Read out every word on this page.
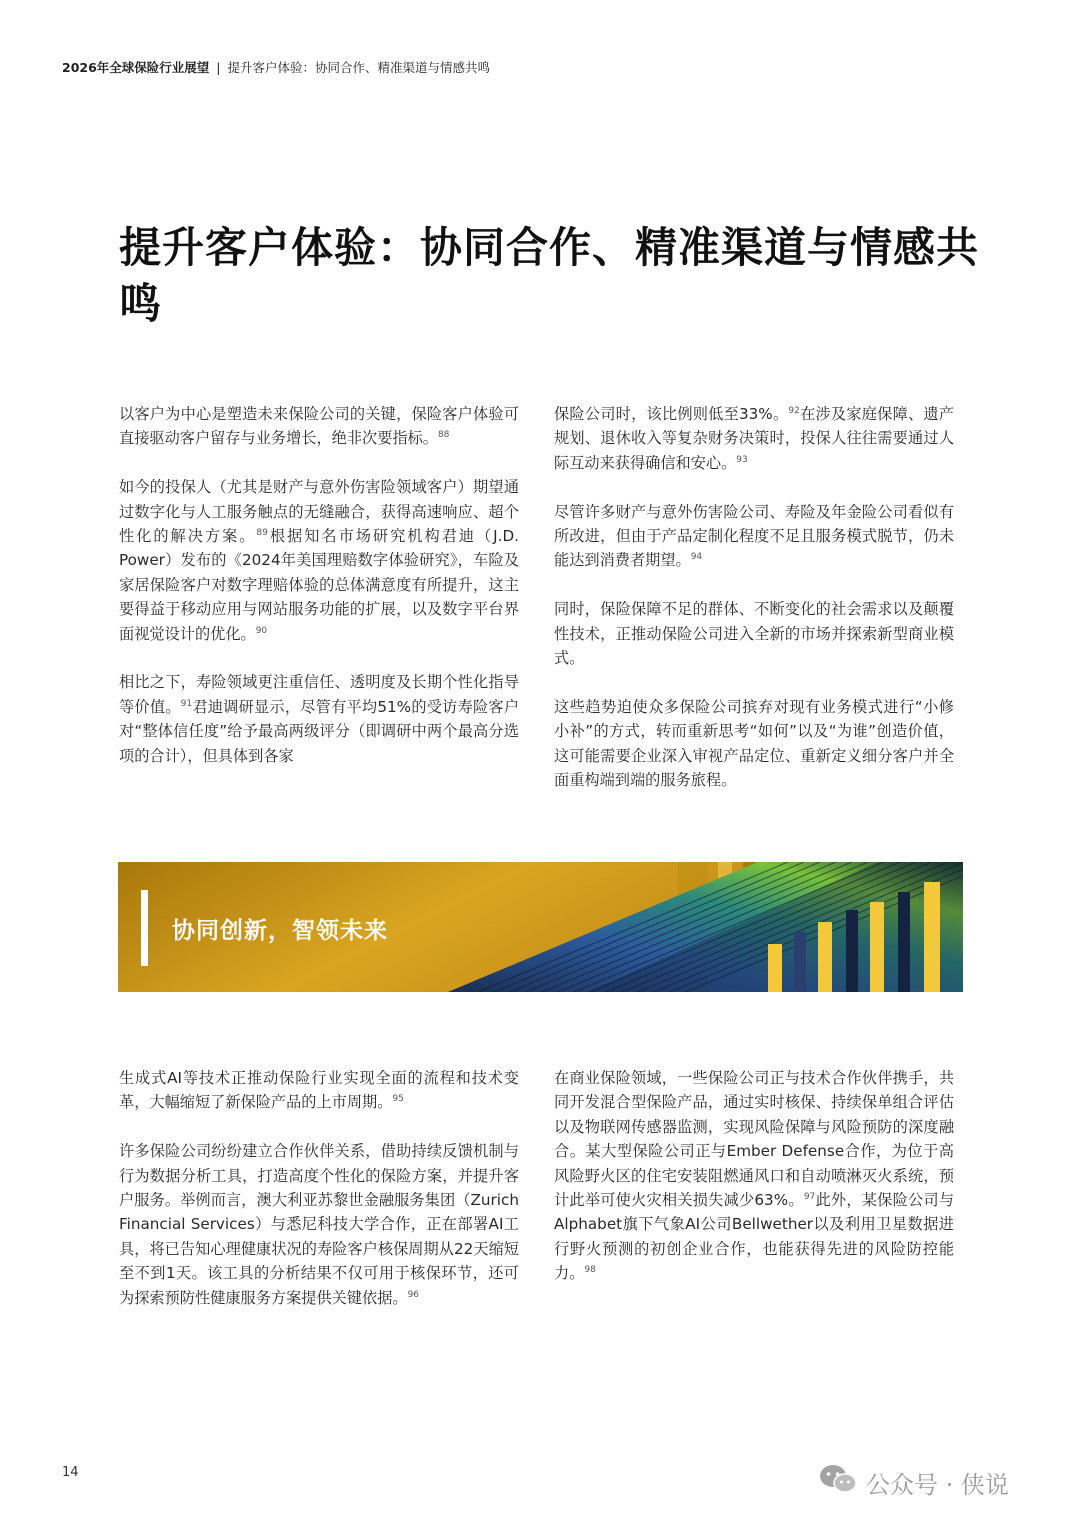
2026年全球保险行业展望 | 提升客户体验：协同合作、精准渠道与情感共鸣
提升客户体验：协同合作、精准渠道与情感共鸣

以客户为中心是塑造未来保险公司的关键，保险客户体验可直接驱动客户留存与业务增长，绝非次要指标。$^{88}$

如今的投保人（尤其是财产与意外伤害险领域客户）期望通过数字化与人工服务触点的无缝融合，获得高速响应、超个性化的解决方案。$^{89}$根据知名市场研究机构君迪（J.D. Power）发布的《2024年美国理赔数字体验研究》，车险及家居保险客户对数字理赔体验的总体满意度有所提升，这主要得益于移动应用与网站服务功能的扩展，以及数字平台界面视觉设计的优化。$^{90}$

相比之下，寿险领域更注重信任、透明度及长期个性化指导等价值。$^{91}$君迪调研显示，尽管有平均51%的受访寿险客户对“整体信任度”给予最高两级评分（即调研中两个最高分选项的合计），但具体到各家

保险公司时，该比例则低至33%。$^{92}$在涉及家庭保障、遗产规划、退休收入等复杂财务决策时，投保人往往需要通过人际互动来获得确信和安心。$^{93}$

尽管许多财产与意外伤害险公司、寿险及年金险公司看似有所改进，但由于产品定制化程度不足且服务模式脱节，仍未能达到消费者期望。$^{94}$

同时，保险保障不足的群体、不断变化的社会需求以及颠覆性技术，正推动保险公司进入全新的市场并探索新型商业模式。

这些趋势迫使众多保险公司摈弃对现有业务模式进行“小修小补”的方式，转而重新思考“如何”以及“为谁”创造价值，这可能需要企业深入审视产品定位、重新定义细分客户并全面重构端到端的服务旅程。

协同创新，智领未来

生成式AI等技术正推动保险行业实现全面的流程和技术变革，大幅缩短了新保险产品的上市周期。$^{95}$

许多保险公司纷纷建立合作伙伴关系，借助持续反馈机制与行为数据分析工具，打造高度个性化的保险方案，并提升客户服务。举例而言，澳大利亚苏黎世金融服务集团（Zurich Financial Services）与悉尼科技大学合作，正在部署AI工具，将已告知心理健康状况的寿险客户核保周期从22天缩短至不到1天。该工具的分析结果不仅可用于核保环节，还可为探索预防性健康服务方案提供关键依据。$^{96}$

在商业保险领域，一些保险公司正与技术合作伙伴携手，共同开发混合型保险产品，通过实时核保、持续保单组合评估以及物联网传感器监测，实现风险保障与风险预防的深度融合。某大型保险公司正与Ember Defense合作，为位于高风险野火区的住宅安装阻燃通风口和自动喷淋灭火系统，预计此举可使火灾相关损失减少63%。$^{97}$此外，某保险公司与Alphabet旗下气象AI公司Bellwether以及利用卫星数据进行野火预测的初创企业合作，也能获得先进的风险防控能力。$^{98}$

14	公众号 · 侠说
